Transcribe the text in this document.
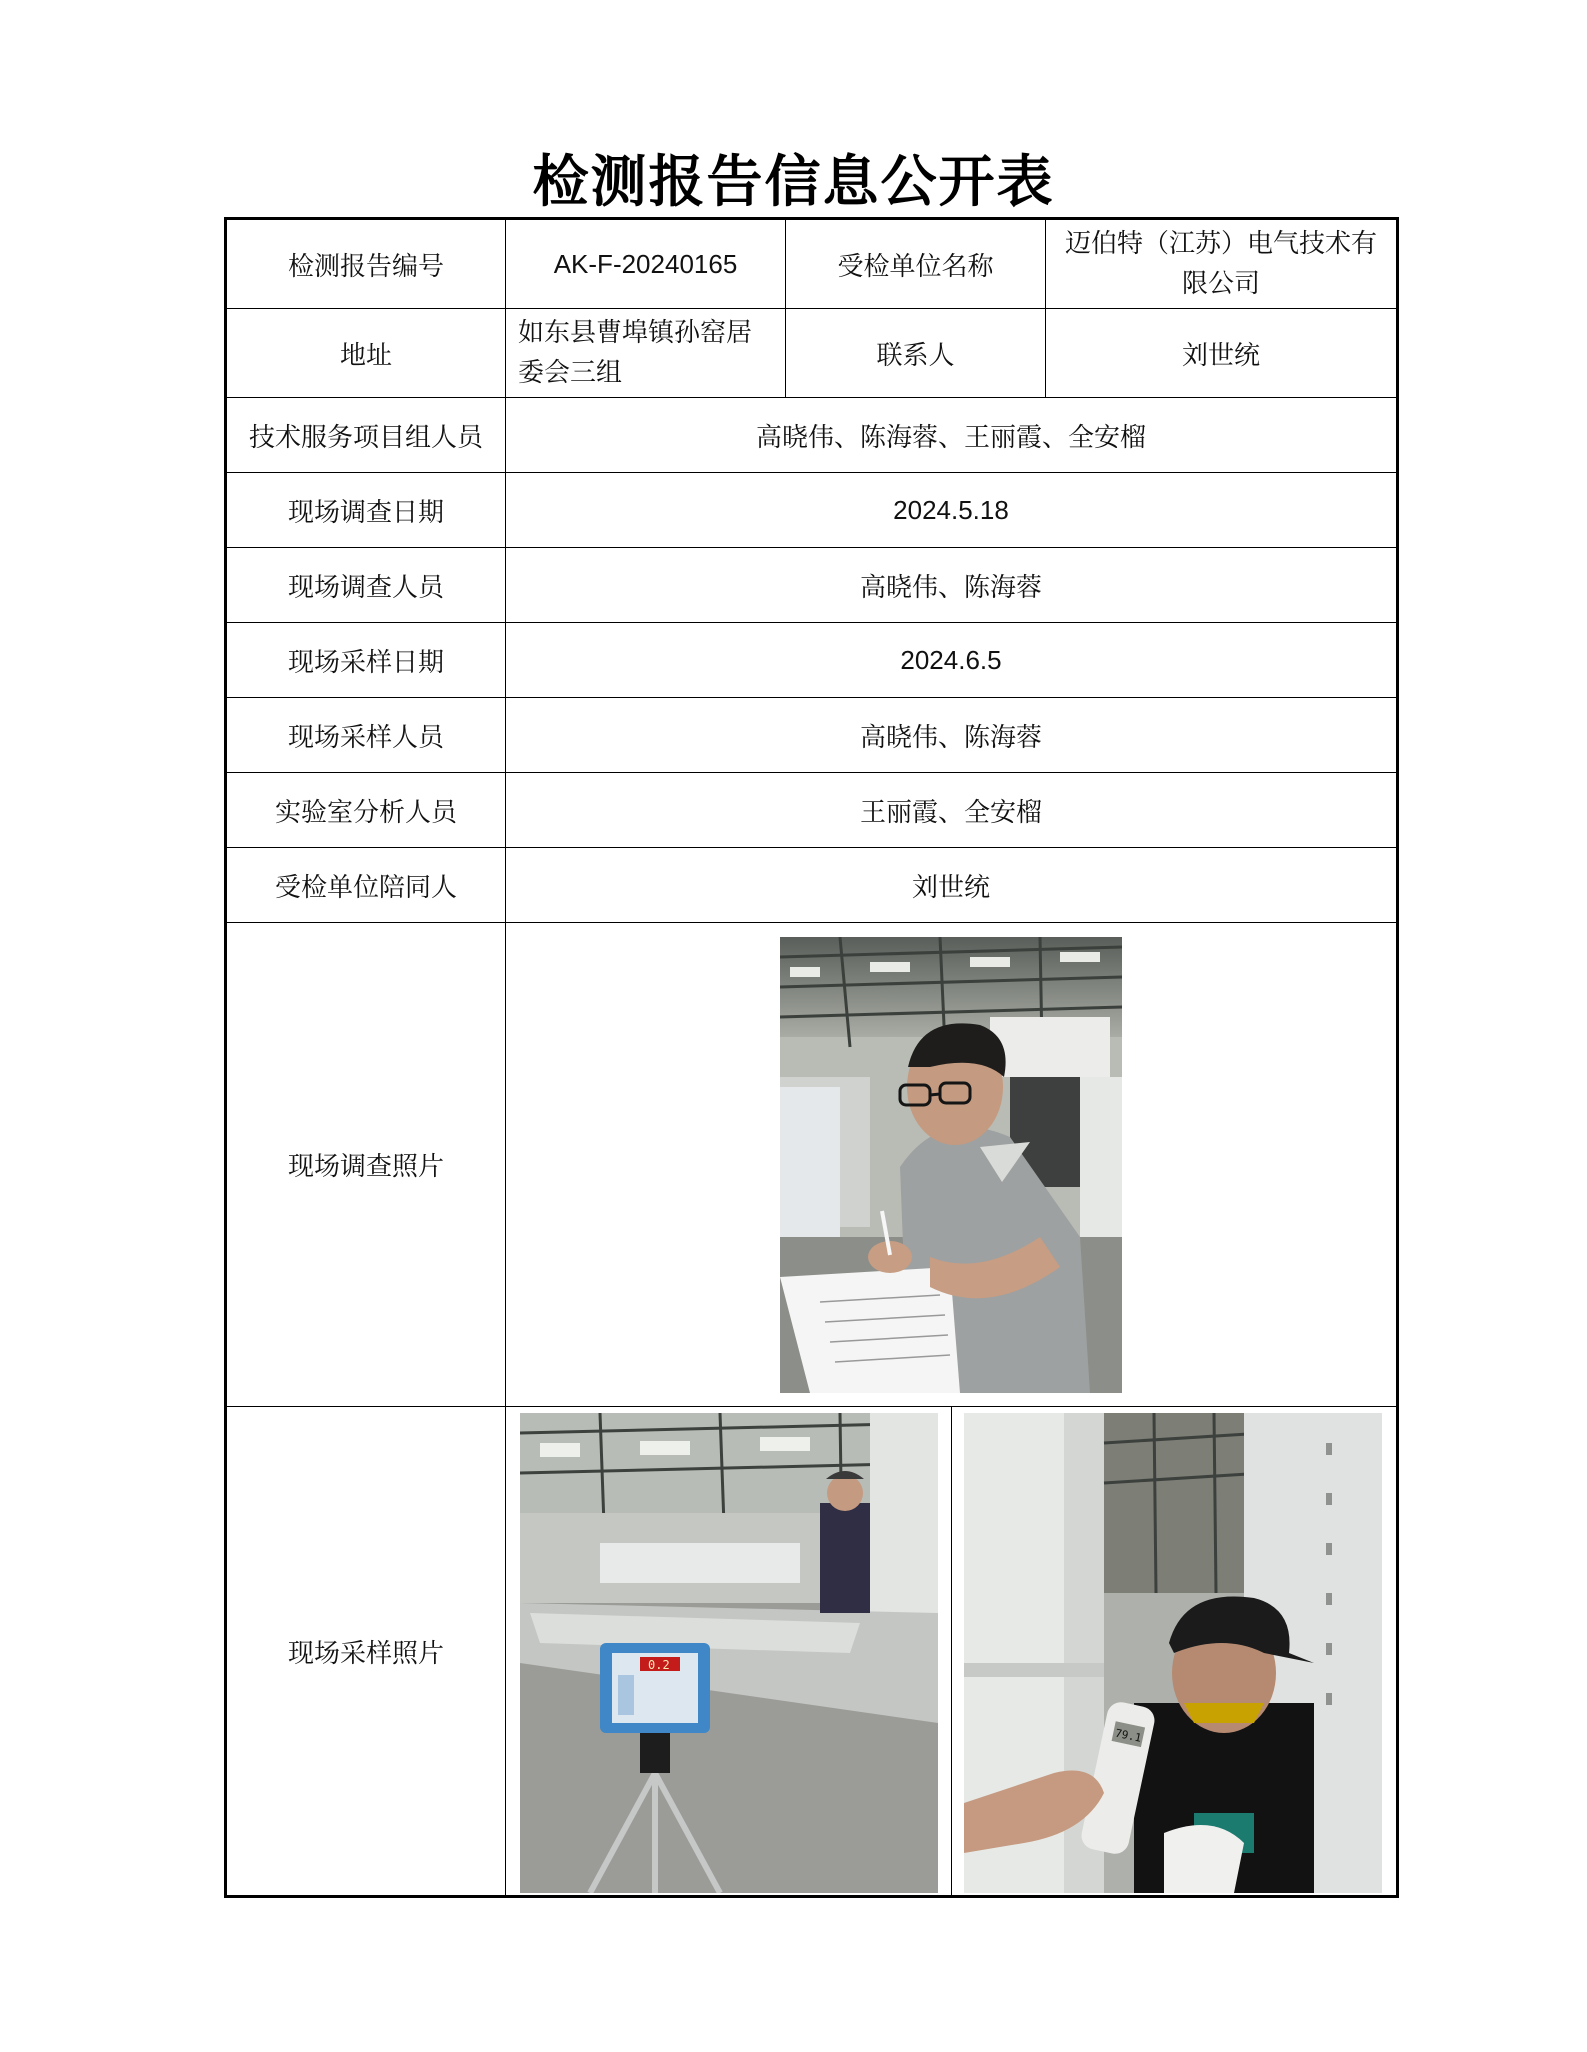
检测报告信息公开表
检测报告编号	AK-F-20240165	受检单位名称	迈伯特（江苏）电气技术有限公司
地址	如东县曹埠镇孙窑居委会三组	联系人	刘世统
技术服务项目组人员	高晓伟、陈海蓉、王丽霞、全安榴		
现场调查日期	2024.5.18		
现场调查人员	高晓伟、陈海蓉		
现场采样日期	2024.6.5		
现场采样人员	高晓伟、陈海蓉		
实验室分析人员	王丽霞、全安榴		
受检单位陪同人	刘世统		
现场调查照片	

现场采样照片	0.2
79.1		
